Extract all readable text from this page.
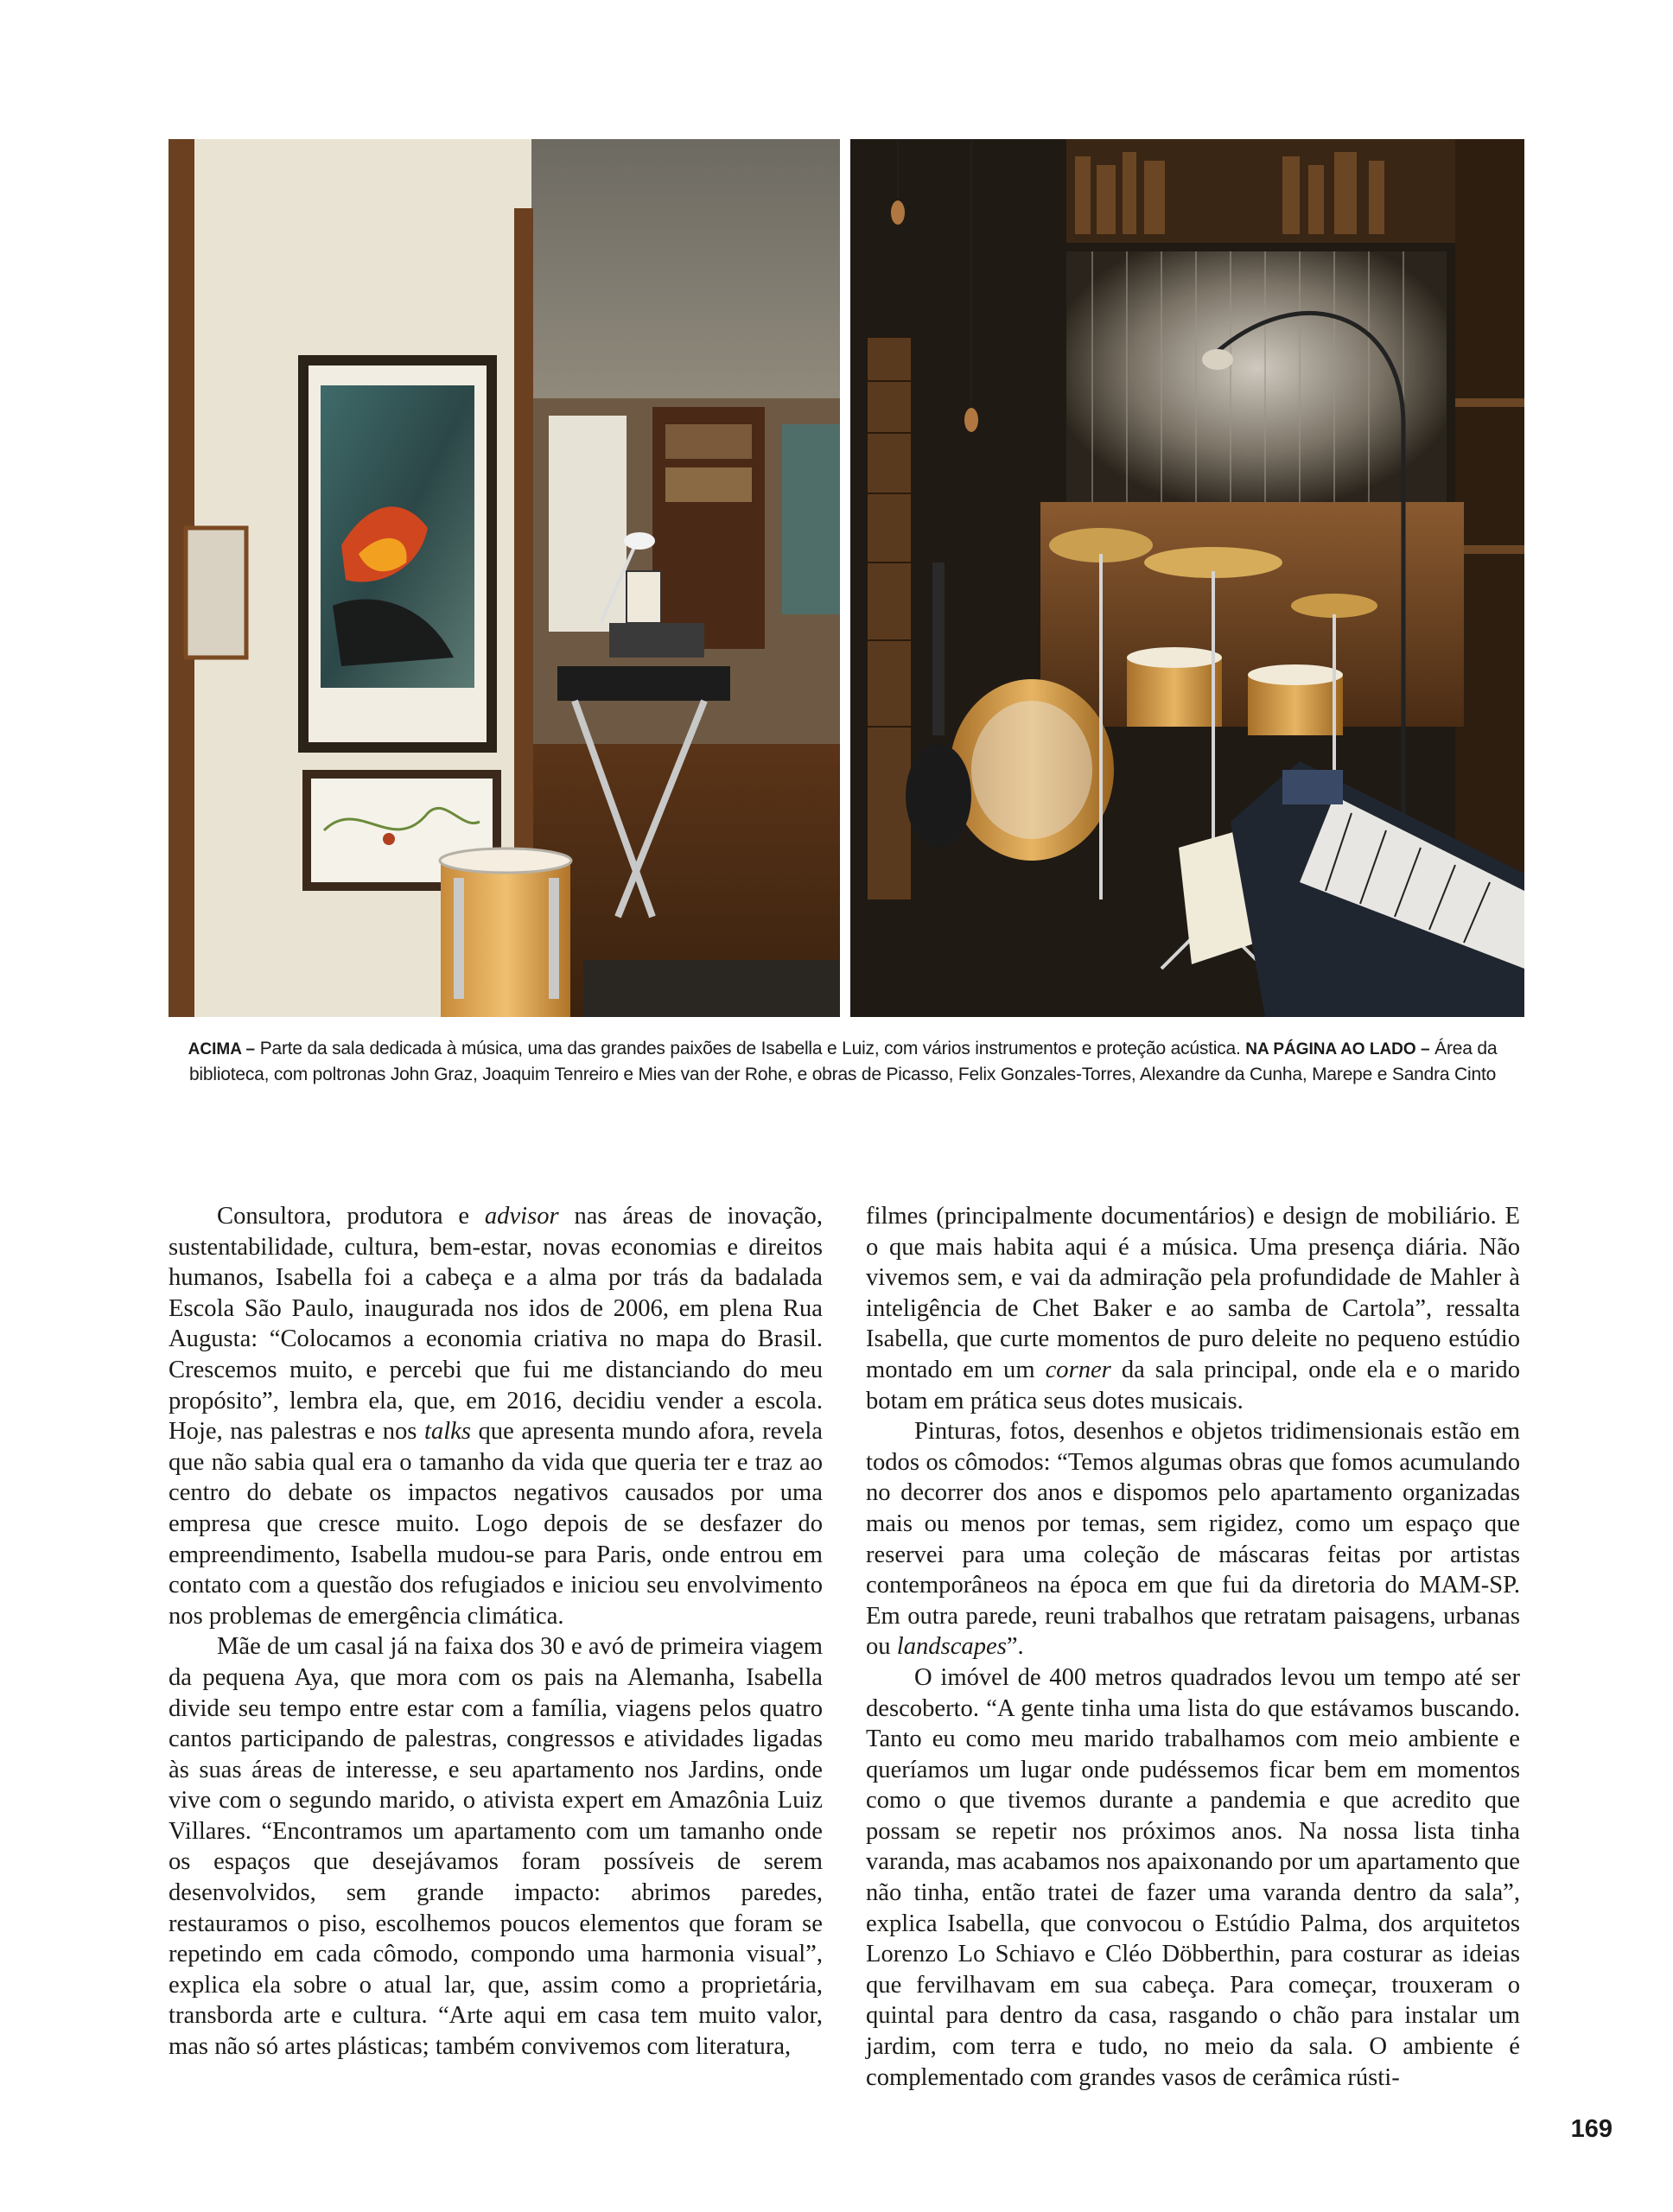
ACIMA – Parte da sala dedicada à música, uma das grandes paixões de Isabella e Luiz, com vários instrumentos e proteção acústica. NA PÁGINA AO LADO – Área da biblioteca, com poltronas John Graz, Joaquim Tenreiro e Mies van der Rohe, e obras de Picasso, Felix Gonzales-Torres, Alexandre da Cunha, Marepe e Sandra Cinto

Consultora, produtora e advisor nas áreas de inovação, sustentabilidade, cultura, bem-estar, novas economias e direitos humanos, Isabella foi a cabeça e a alma por trás da badalada Escola São Paulo, inaugurada nos idos de 2006, em plena Rua Augusta: “Colocamos a economia criativa no mapa do Brasil. Crescemos muito, e percebi que fui me distanciando do meu propósito”, lembra ela, que, em 2016, decidiu vender a escola. Hoje, nas palestras e nos talks que apresenta mundo afora, revela que não sabia qual era o tamanho da vida que queria ter e traz ao centro do debate os impactos negativos causados por uma empresa que cresce muito. Logo depois de se desfazer do empreendimento, Isabella mudou-se para Paris, onde entrou em contato com a questão dos refugiados e iniciou seu envolvimento nos problemas de emergência climática.

Mãe de um casal já na faixa dos 30 e avó de primeira viagem da pequena Aya, que mora com os pais na Alemanha, Isabella divide seu tempo entre estar com a família, viagens pelos quatro cantos participando de palestras, congressos e atividades ligadas às suas áreas de interesse, e seu apartamento nos Jardins, onde vive com o segundo marido, o ativista expert em Amazônia Luiz Villares. “Encontramos um apartamento com um tamanho onde os espaços que desejávamos foram possíveis de serem desenvolvidos, sem grande impacto: abrimos paredes, restauramos o piso, escolhemos poucos elementos que foram se repetindo em cada cômodo, compondo uma harmonia visual”, explica ela sobre o atual lar, que, assim como a proprietária, transborda arte e cultura. “Arte aqui em casa tem muito valor, mas não só artes plásticas; também convivemos com literatura,

filmes (principalmente documentários) e design de mobiliário. E o que mais habita aqui é a música. Uma presença diária. Não vivemos sem, e vai da admiração pela profundidade de Mahler à inteligência de Chet Baker e ao samba de Cartola”, ressalta Isabella, que curte momentos de puro deleite no pequeno estúdio montado em um corner da sala principal, onde ela e o marido botam em prática seus dotes musicais.

Pinturas, fotos, desenhos e objetos tridimensionais estão em todos os cômodos: “Temos algumas obras que fomos acumulando no decorrer dos anos e dispomos pelo apartamento organizadas mais ou menos por temas, sem rigidez, como um espaço que reservei para uma coleção de máscaras feitas por artistas contemporâneos na época em que fui da diretoria do MAM-SP. Em outra parede, reuni trabalhos que retratam paisagens, urbanas ou landscapes”.

O imóvel de 400 metros quadrados levou um tempo até ser descoberto. “A gente tinha uma lista do que estávamos buscando. Tanto eu como meu marido trabalhamos com meio ambiente e queríamos um lugar onde pudéssemos ficar bem em momentos como o que tivemos durante a pandemia e que acredito que possam se repetir nos próximos anos. Na nossa lista tinha varanda, mas acabamos nos apaixonando por um apartamento que não tinha, então tratei de fazer uma varanda dentro da sala”, explica Isabella, que convocou o Estúdio Palma, dos arquitetos Lorenzo Lo Schiavo e Cléo Döbberthin, para costurar as ideias que fervilhavam em sua cabeça. Para começar, trouxeram o quintal para dentro da casa, rasgando o chão para instalar um jardim, com terra e tudo, no meio da sala. O ambiente é complementado com grandes vasos de cerâmica rústi-

169
